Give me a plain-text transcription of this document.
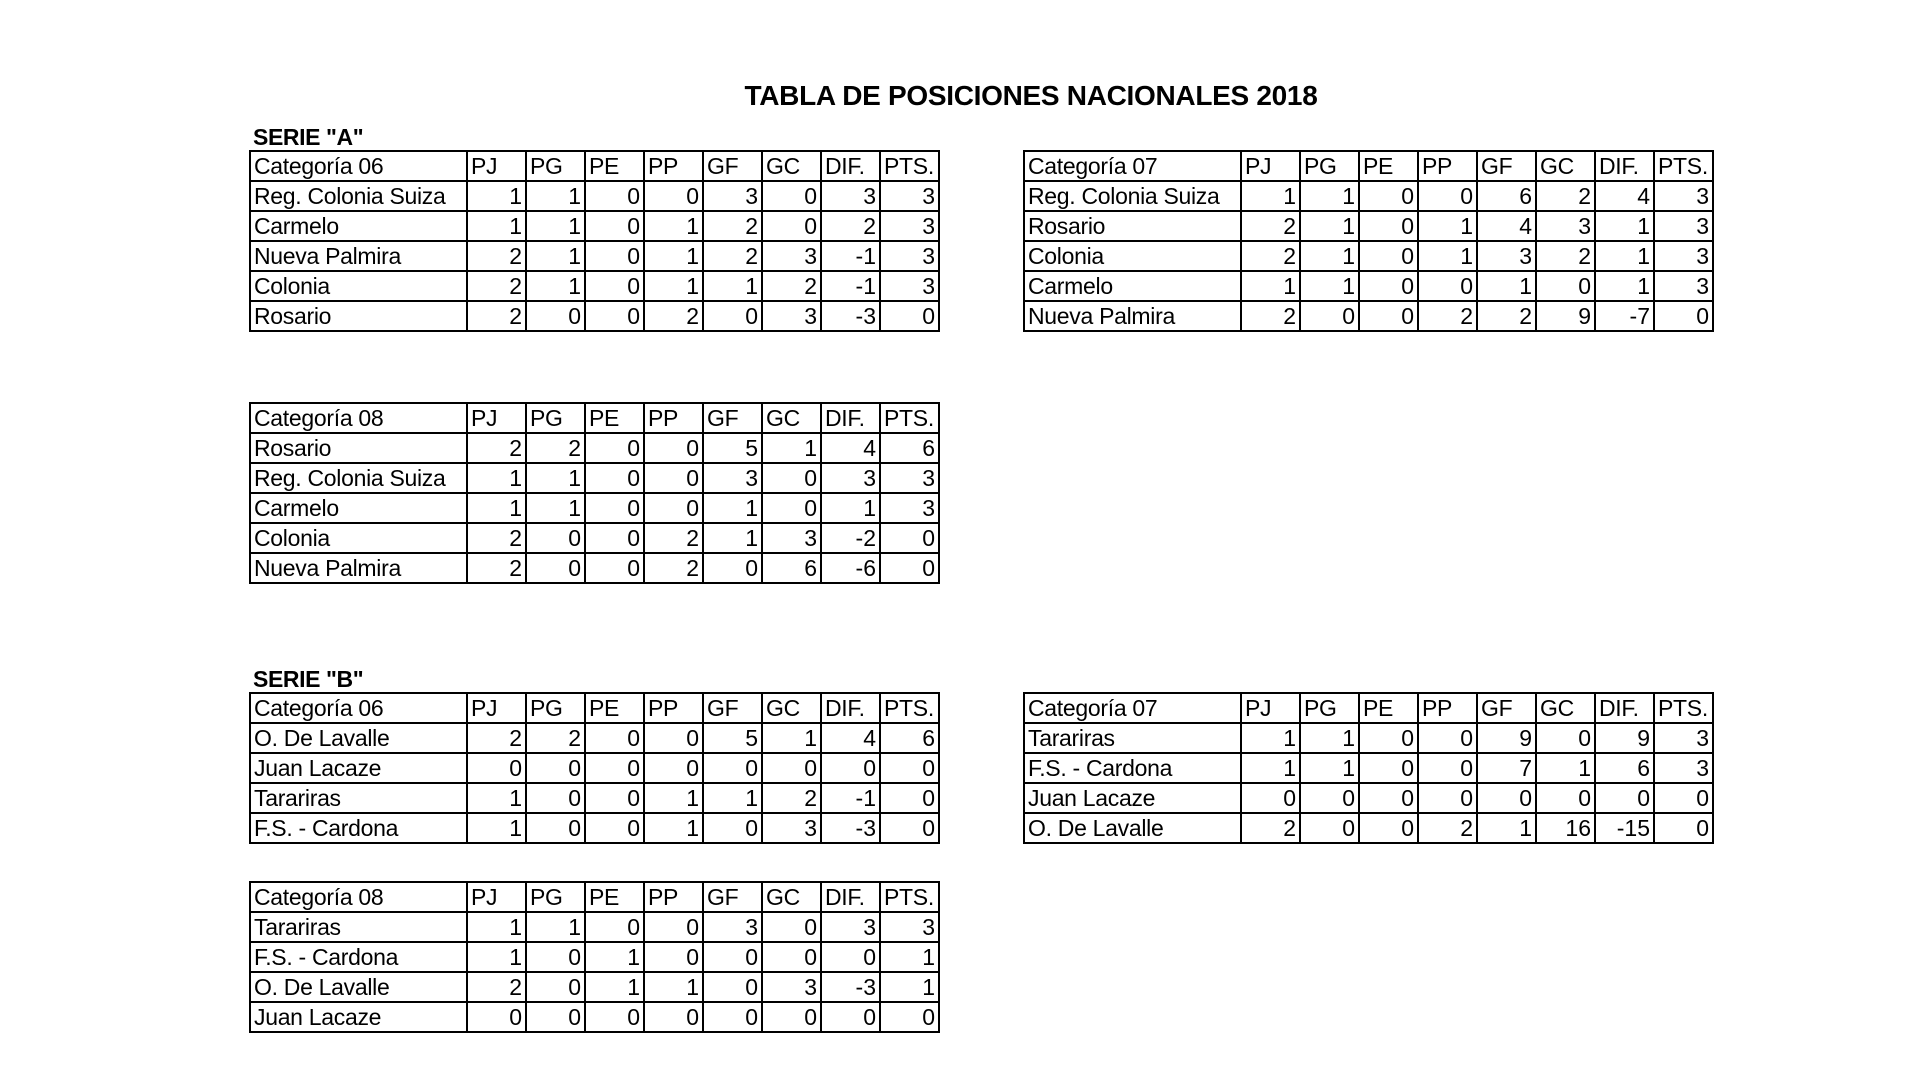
TABLA DE POSICIONES NACIONALES 2018
SERIE "A"
SERIE "B"
Categoría 06	PJ	PG	PE	PP	GF	GC	DIF.	PTS.
Reg. Colonia Suiza	1	1	0	0	3	0	3	3
Carmelo	1	1	0	1	2	0	2	3
Nueva Palmira	2	1	0	1	2	3	-1	3
Colonia	2	1	0	1	1	2	-1	3
Rosario	2	0	0	2	0	3	-3	0
Categoría 07	PJ	PG	PE	PP	GF	GC	DIF.	PTS.
Reg. Colonia Suiza	1	1	0	0	6	2	4	3
Rosario	2	1	0	1	4	3	1	3
Colonia	2	1	0	1	3	2	1	3
Carmelo	1	1	0	0	1	0	1	3
Nueva Palmira	2	0	0	2	2	9	-7	0
Categoría 08	PJ	PG	PE	PP	GF	GC	DIF.	PTS.
Rosario	2	2	0	0	5	1	4	6
Reg. Colonia Suiza	1	1	0	0	3	0	3	3
Carmelo	1	1	0	0	1	0	1	3
Colonia	2	0	0	2	1	3	-2	0
Nueva Palmira	2	0	0	2	0	6	-6	0
Categoría 06	PJ	PG	PE	PP	GF	GC	DIF.	PTS.
O. De Lavalle	2	2	0	0	5	1	4	6
Juan Lacaze	0	0	0	0	0	0	0	0
Tarariras	1	0	0	1	1	2	-1	0
F.S. - Cardona	1	0	0	1	0	3	-3	0
Categoría 07	PJ	PG	PE	PP	GF	GC	DIF.	PTS.
Tarariras	1	1	0	0	9	0	9	3
F.S. - Cardona	1	1	0	0	7	1	6	3
Juan Lacaze	0	0	0	0	0	0	0	0
O. De Lavalle	2	0	0	2	1	16	-15	0
Categoría 08	PJ	PG	PE	PP	GF	GC	DIF.	PTS.
Tarariras	1	1	0	0	3	0	3	3
F.S. - Cardona	1	0	1	0	0	0	0	1
O. De Lavalle	2	0	1	1	0	3	-3	1
Juan Lacaze	0	0	0	0	0	0	0	0
